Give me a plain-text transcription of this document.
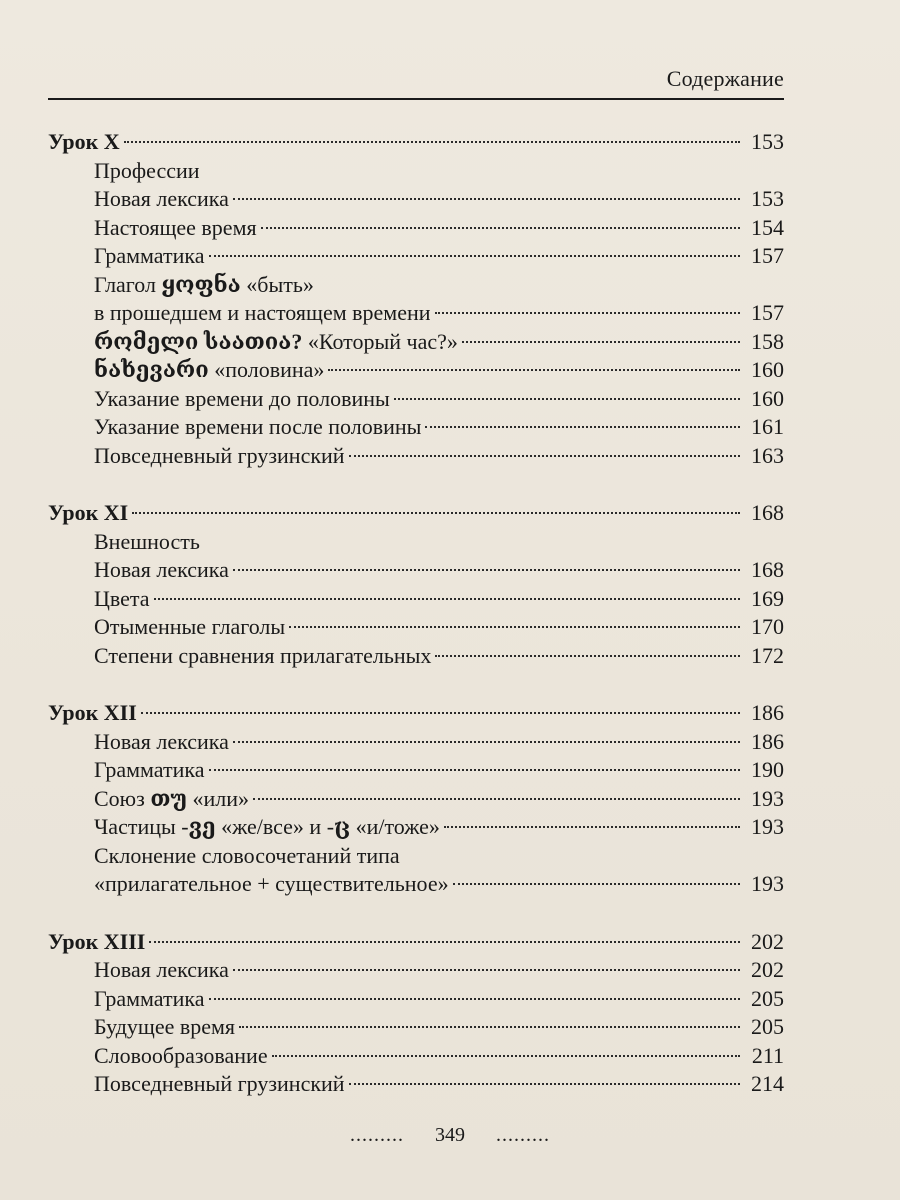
Содержание
Урок X	153
Профессии
Новая лексика	153
Настоящее время	154
Грамматика	157
Глагол ყოფნა «быть»
в прошедшем и настоящем времени	157
რომელი საათია? «Который час?»	158
ნახევარი «половина»	160
Указание времени до половины	160
Указание времени после половины	161
Повседневный грузинский	163
Урок XI	168
Внешность
Новая лексика	168
Цвета	169
Отыменные глаголы	170
Степени сравнения прилагательных	172
Урок XII	186
Новая лексика	186
Грамматика	190
Союз თუ «или»	193
Частицы -ვე «же/все» и -ც «и/тоже»	193
Склонение словосочетаний типа
«прилагательное + существительное»	193
Урок XIII	202
Новая лексика	202
Грамматика	205
Будущее время	205
Словообразование	211
Повседневный грузинский	214
......... 349 .........
